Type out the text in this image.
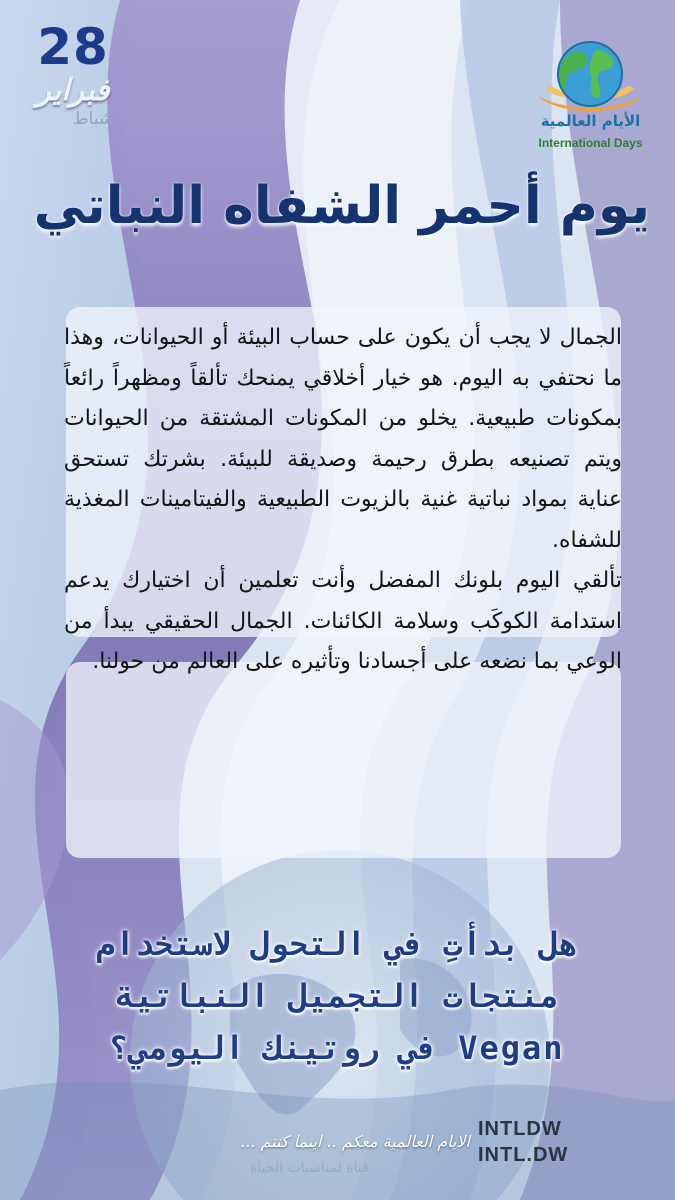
28
فبراير
شباط	الأيام العالمية
International Days
يوم أحمر الشفاه النباتي

الجمال لا يجب أن يكون على حساب البيئة أو الحيوانات، وهذا ما نحتفي به اليوم. هو خيار أخلاقي يمنحك تألقاً ومظهراً رائعاً بمكونات طبيعية. يخلو من المكونات المشتقة من الحيوانات ويتم تصنيعه بطرق رحيمة وصديقة للبيئة. بشرتك تستحق عناية بمواد نباتية غنية بالزيوت الطبيعية والفيتامينات المغذية للشفاه.

تألقي اليوم بلونك المفضل وأنت تعلمين أن اختيارك يدعم استدامة الكوكَب وسلامة الكائنات. الجمال الحقيقي يبدأ من الوعي بما نضعه على أجسادنا وتأثيره على العالم من حولنا.

هل بدأتِ في التحول لاستخدام
منتجات التجميل النباتية
Vegan في روتينك اليومي؟
الايام العالمية معكم .. اينما كنتم ...
قناة لمناسبات الحياة
INTLDW
INTL.DW
